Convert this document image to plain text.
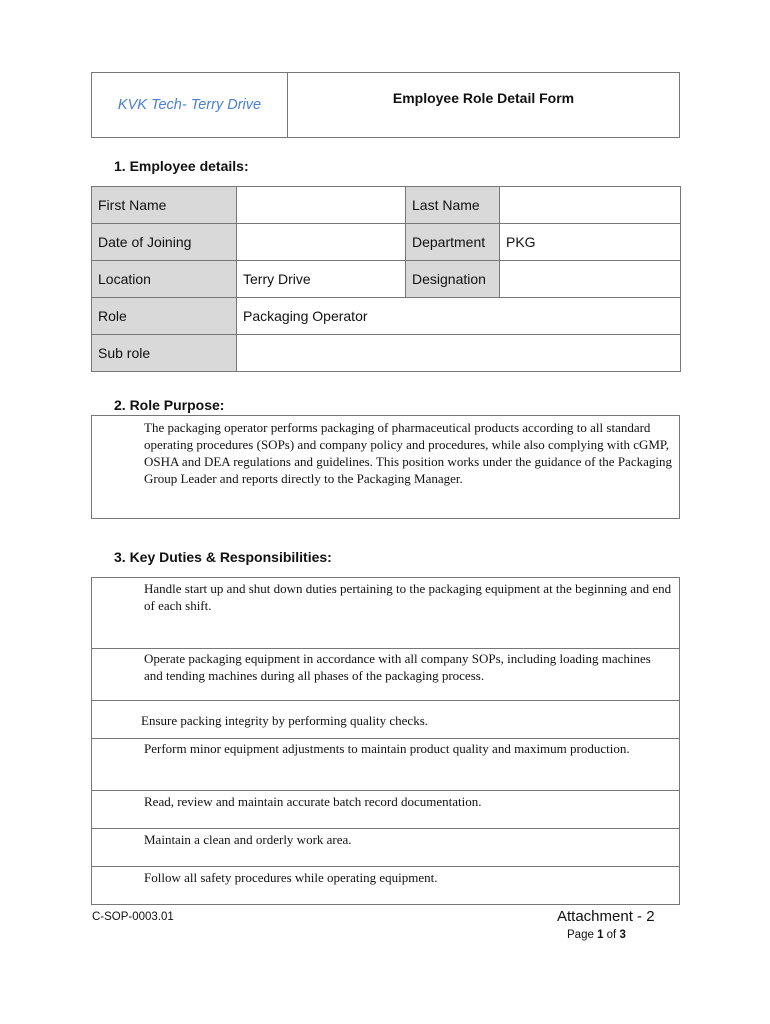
KVK Tech- Terry Drive	Employee Role Detail Form
1. Employee details:
First Name		Last Name	
Date of Joining		Department	PKG
Location	Terry Drive	Designation	
Role	Packaging Operator		
Sub role			
2. Role Purpose:
The packaging operator performs packaging of pharmaceutical products according to all standard operating procedures (SOPs) and company policy and procedures, while also complying with cGMP, OSHA and DEA regulations and guidelines. This position works under the guidance of the Packaging Group Leader and reports directly to the Packaging Manager.
3. Key Duties & Responsibilities:
Handle start up and shut down duties pertaining to the packaging equipment at the beginning and end of each shift.
Operate packaging equipment in accordance with all company SOPs, including loading machines and tending machines during all phases of the packaging process.
Ensure packing integrity by performing quality checks.
Perform minor equipment adjustments to maintain product quality and maximum production.
Read, review and maintain accurate batch record documentation.
Maintain a clean and orderly work area.
Follow all safety procedures while operating equipment.
C-SOP-0003.01	Attachment - 2
Page 1 of 3
